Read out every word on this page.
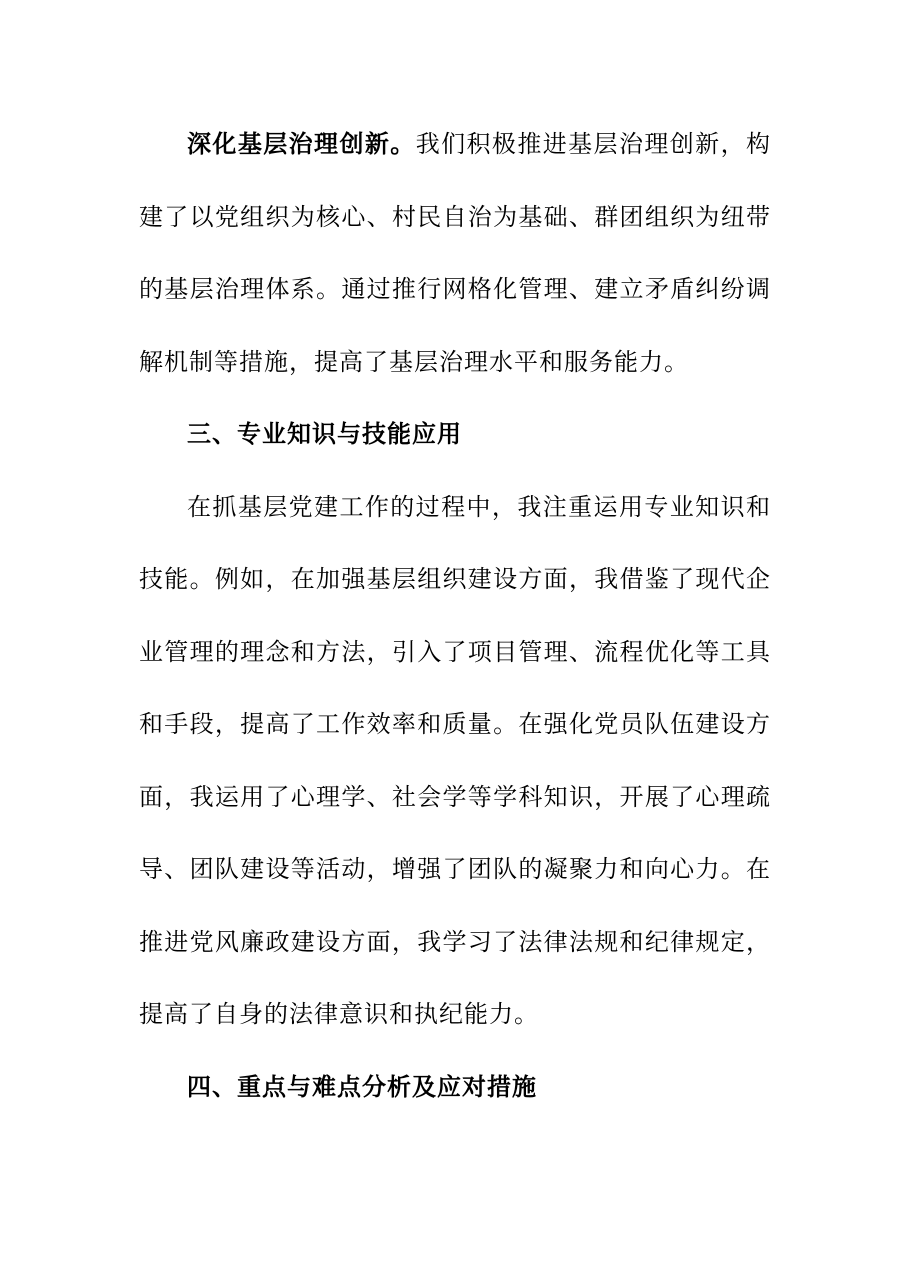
深化基层治理创新。我们积极推进基层治理创新，构建了以党组织为核心、村民自治为基础、群团组织为纽带的基层治理体系。通过推行网格化管理、建立矛盾纠纷调解机制等措施，提高了基层治理水平和服务能力。

三、专业知识与技能应用

在抓基层党建工作的过程中，我注重运用专业知识和技能。例如，在加强基层组织建设方面，我借鉴了现代企业管理的理念和方法，引入了项目管理、流程优化等工具和手段，提高了工作效率和质量。在强化党员队伍建设方面，我运用了心理学、社会学等学科知识，开展了心理疏导、团队建设等活动，增强了团队的凝聚力和向心力。在推进党风廉政建设方面，我学习了法律法规和纪律规定，提高了自身的法律意识和执纪能力。

四、重点与难点分析及应对措施
